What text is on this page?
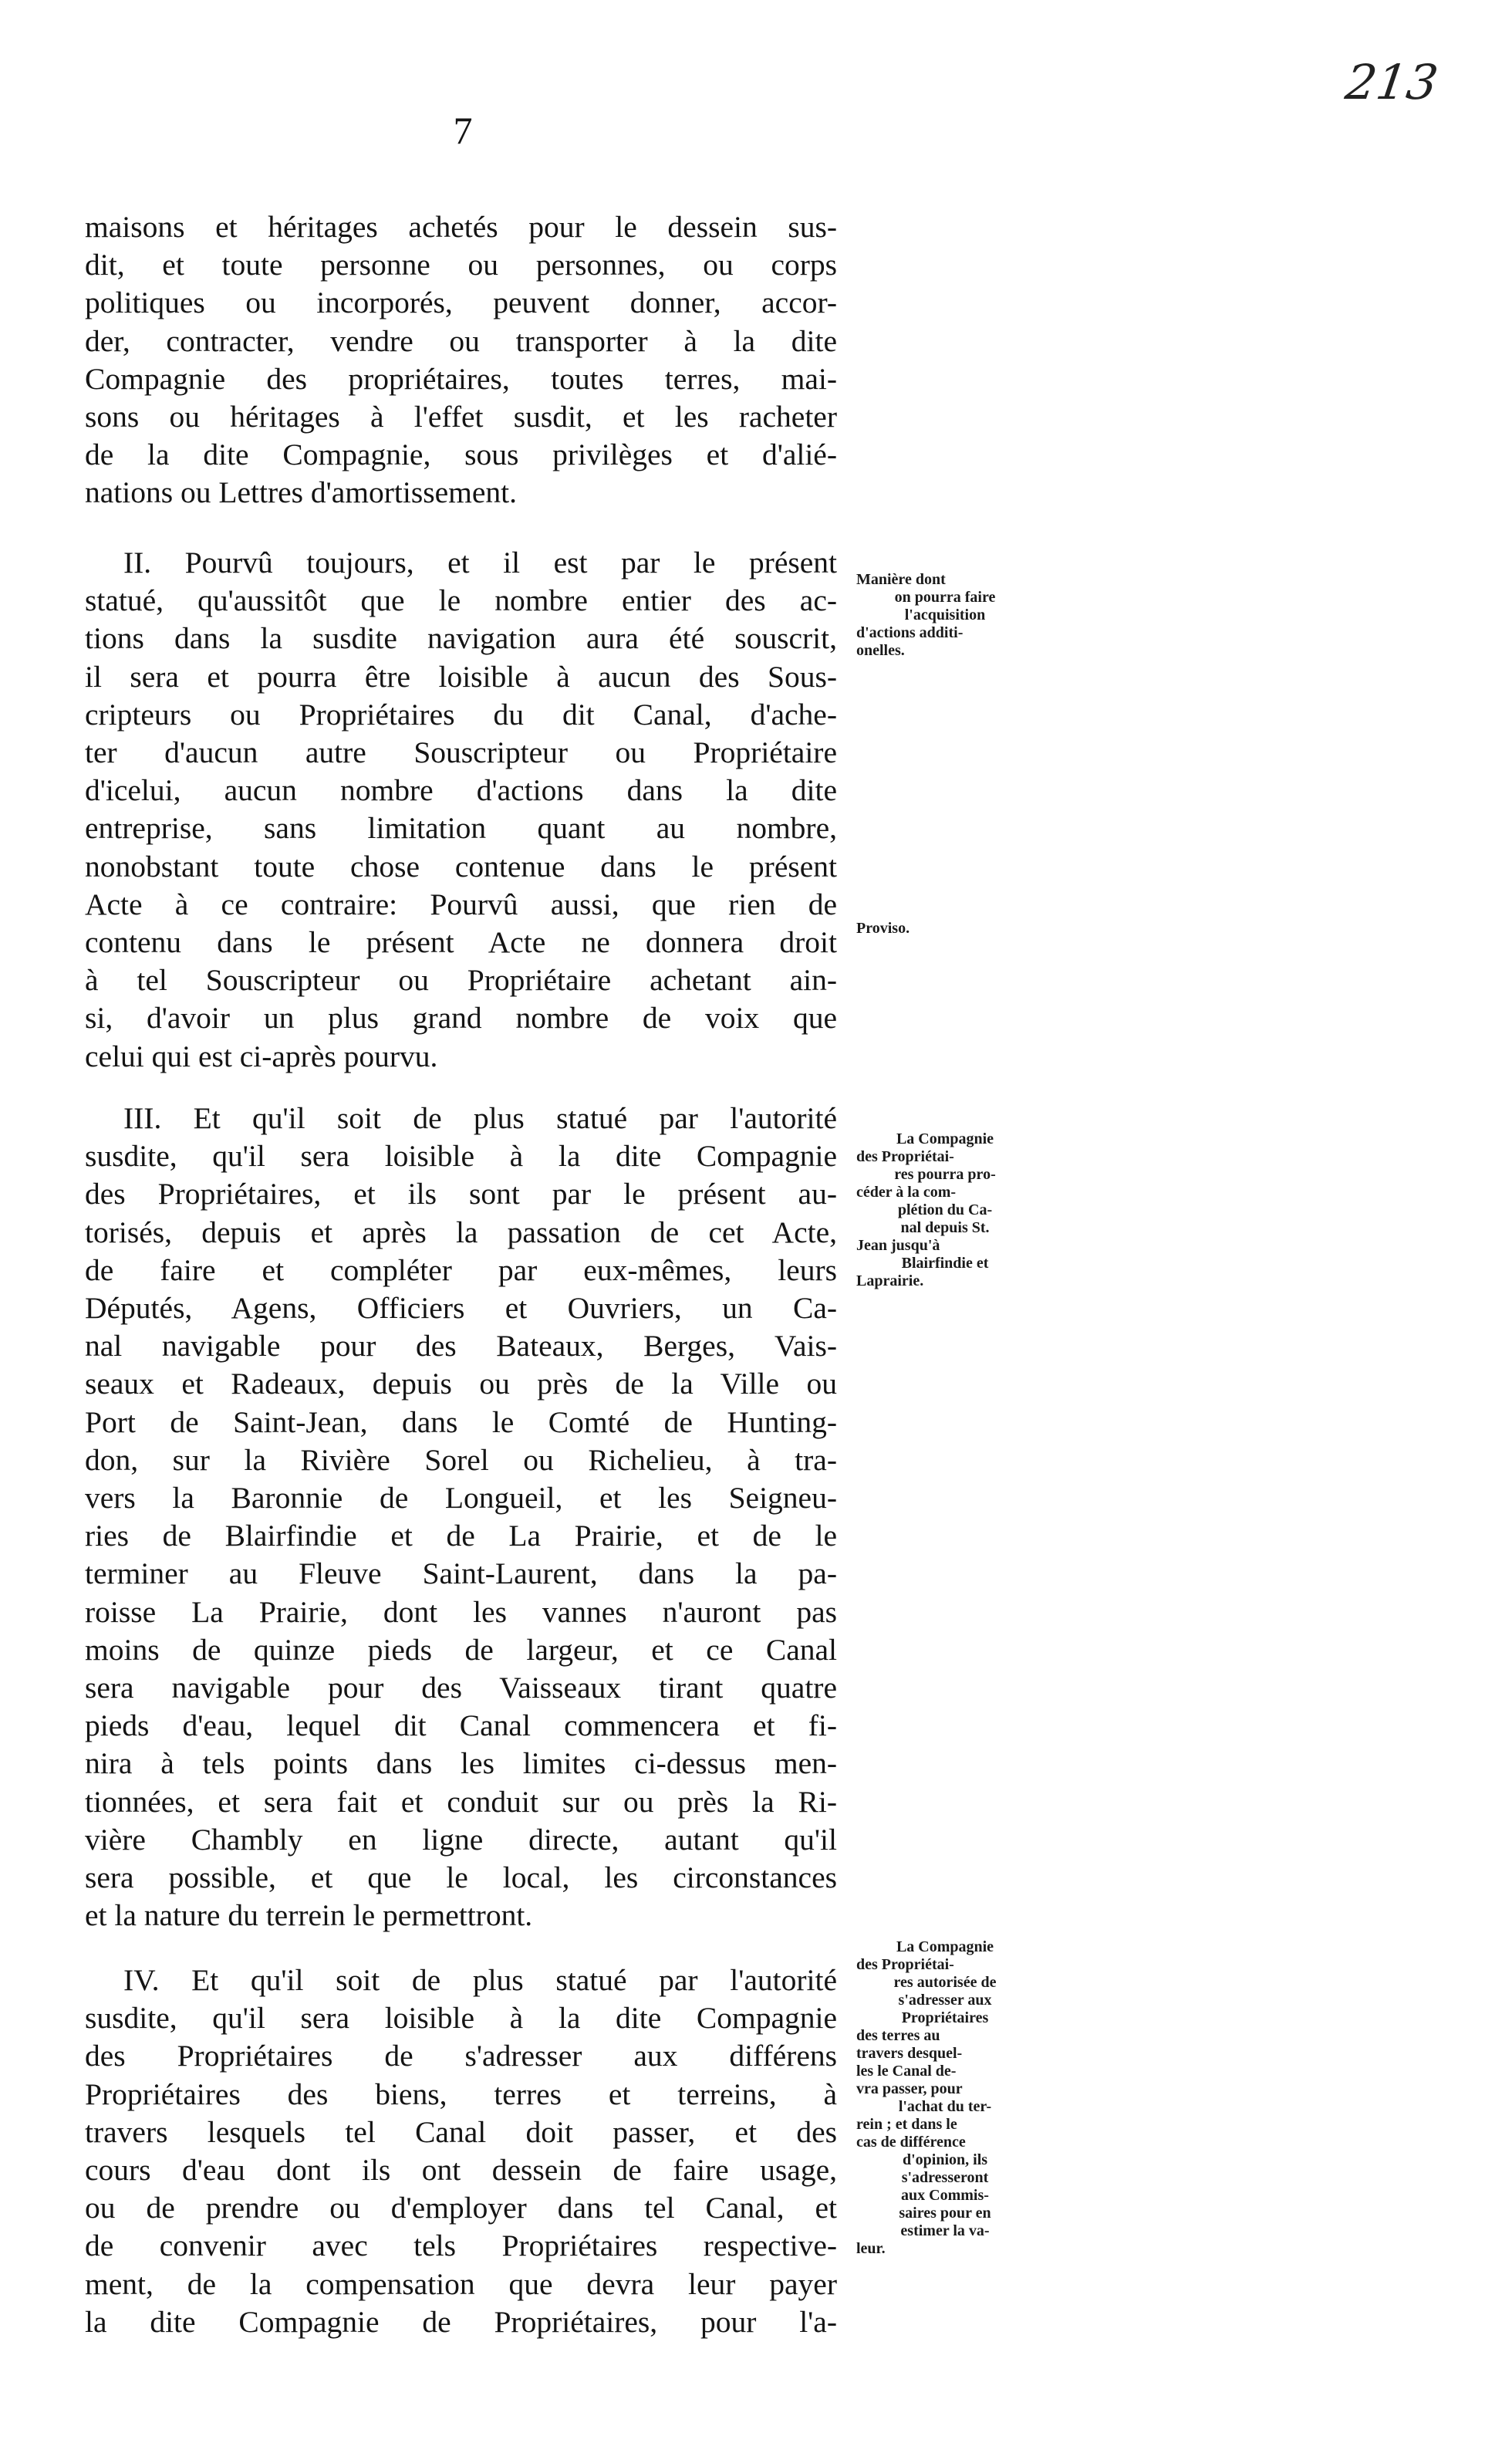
213
7
maisons et héritages achetés pour le dessein sus-
dit, et toute personne ou personnes, ou corps
politiques ou incorporés, peuvent donner, accor-
der, contracter, vendre ou transporter à la dite
Compagnie des propriétaires, toutes terres, mai-
sons ou héritages à l'effet susdit, et les racheter
de la dite Compagnie, sous privilèges et d'alié-
nations ou Lettres d'amortissement.
II. Pourvû toujours, et il est par le présent
statué, qu'aussitôt que le nombre entier des ac-
tions dans la susdite navigation aura été souscrit,
il sera et pourra être loisible à aucun des Sous-
cripteurs ou Propriétaires du dit Canal, d'ache-
ter d'aucun autre Souscripteur ou Propriétaire
d'icelui, aucun nombre d'actions dans la dite
entreprise, sans limitation quant au nombre,
nonobstant toute chose contenue dans le présent
Acte à ce contraire: Pourvû aussi, que rien de
contenu dans le présent Acte ne donnera droit
à tel Souscripteur ou Propriétaire achetant ain-
si, d'avoir un plus grand nombre de voix que
celui qui est ci-après pourvu.
III. Et qu'il soit de plus statué par l'autorité
susdite, qu'il sera loisible à la dite Compagnie
des Propriétaires, et ils sont par le présent au-
torisés, depuis et après la passation de cet Acte,
de faire et compléter par eux-mêmes, leurs
Députés, Agens, Officiers et Ouvriers, un Ca-
nal navigable pour des Bateaux, Berges, Vais-
seaux et Radeaux, depuis ou près de la Ville ou
Port de Saint-Jean, dans le Comté de Hunting-
don, sur la Rivière Sorel ou Richelieu, à tra-
vers la Baronnie de Longueil, et les Seigneu-
ries de Blairfindie et de La Prairie, et de le
terminer au Fleuve Saint-Laurent, dans la pa-
roisse La Prairie, dont les vannes n'auront pas
moins de quinze pieds de largeur, et ce Canal
sera navigable pour des Vaisseaux tirant quatre
pieds d'eau, lequel dit Canal commencera et fi-
nira à tels points dans les limites ci-dessus men-
tionnées, et sera fait et conduit sur ou près la Ri-
vière Chambly en ligne directe, autant qu'il
sera possible, et que le local, les circonstances
et la nature du terrein le permettront.
IV. Et qu'il soit de plus statué par l'autorité
susdite, qu'il sera loisible à la dite Compagnie
des Propriétaires de s'adresser aux différens
Propriétaires des biens, terres et terreins, à
travers lesquels tel Canal doit passer, et des
cours d'eau dont ils ont dessein de faire usage,
ou de prendre ou d'employer dans tel Canal, et
de convenir avec tels Propriétaires respective-
ment, de la compensation que devra leur payer
la dite Compagnie de Propriétaires, pour l'a-
Manière dont
on pourra faire
l'acquisition
d'actions additi-
onelles.
Proviso.
La Compagnie
des Propriétai-
res pourra pro-
céder à la com-
plétion du Ca-
nal depuis St.
Jean jusqu'à
Blairfindie et
Laprairie.
La Compagnie
des Propriétai-
res autorisée de
s'adresser aux
Propriétaires
des terres au
travers desquel-
les le Canal de-
vra passer, pour
l'achat du ter-
rein ; et dans le
cas de différence
d'opinion, ils
s'adresseront
aux Commis-
saires pour en
estimer la va-
leur.
